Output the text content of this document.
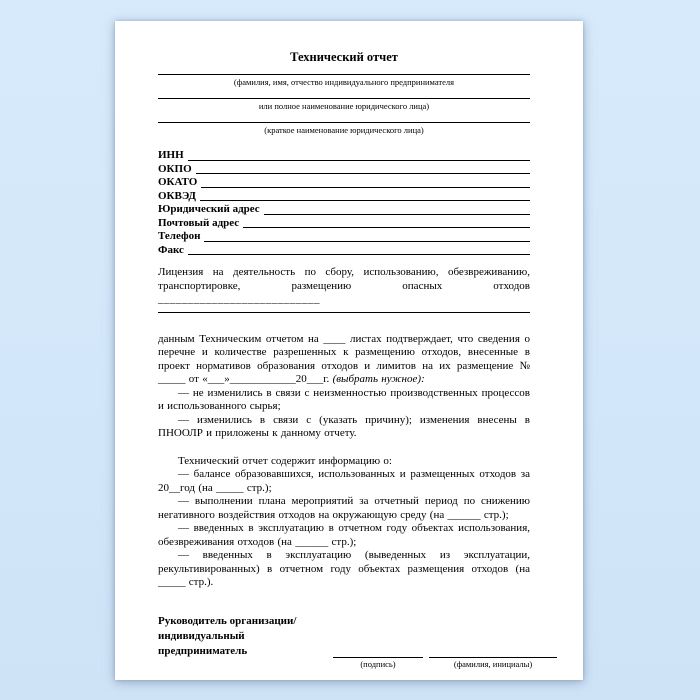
Технический отчет
(фамилия, имя, отчество индивидуального предпринимателя
или полное наименование юридического лица)
(краткое наименование юридического лица)
ИНН
ОКПО
ОКАТО
ОКВЭД
Юридический адрес
Почтовый адрес
Телефон
Факс

Лицензия на деятельность по сбору, использованию, обезвреживанию, транспортировке, размещению опасных отходов ___________________________

данным Техническим отчетом на ____ листах подтверждает, что сведения о перечне и количестве разрешенных к размещению отходов, внесенные в проект нормативов образования отходов и лимитов на их размещение № _____ от «___»____________20___г. (выбрать нужное):

— не изменились в связи с неизменностью производственных процессов и использованного сырья;

— изменились в связи с (указать причину); изменения внесены в ПНООЛР и приложены к данному отчету.

Технический отчет содержит информацию о:

— балансе образовавшихся, использованных и размещенных отходов за 20__год (на _____ стр.);

— выполнении плана мероприятий за отчетный период по снижению негативного воздействия отходов на окружающую среду (на ______ стр.);

— введенных в эксплуатацию в отчетном году объектах использования, обезвреживания отходов (на ______ стр.);

— введенных в эксплуатацию (выведенных из эксплуатации, рекультивированных) в отчетном году объектах размещения отходов (на _____ стр.).

Руководитель организации/
индивидуальный
предприниматель
(подпись)	(фамилия, инициалы)
